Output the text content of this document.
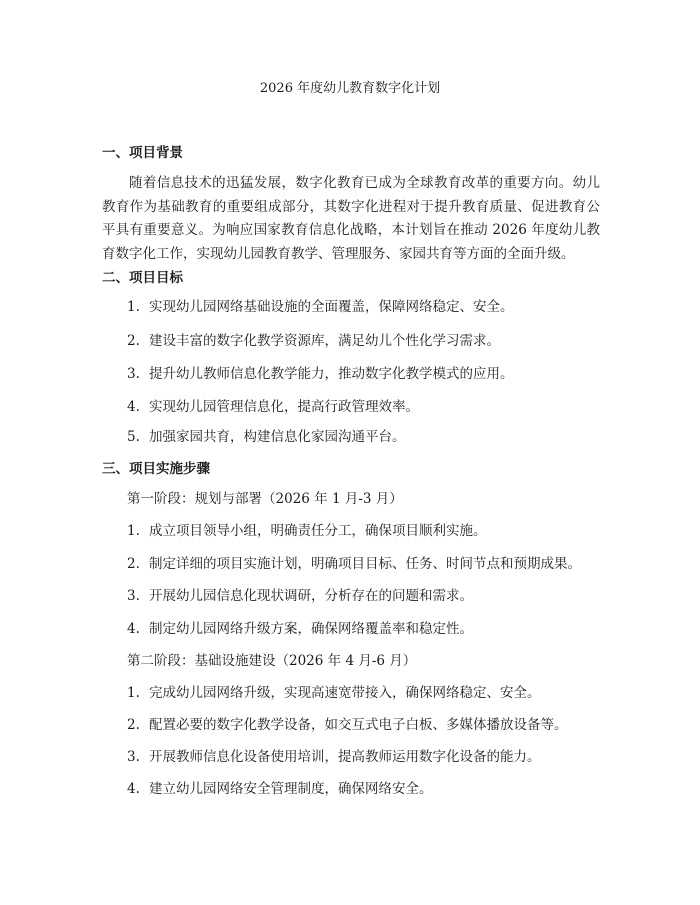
2026 年度幼儿教育数字化计划
一、项目背景
随着信息技术的迅猛发展，数字化教育已成为全球教育改革的重要方向。幼儿教育作为基础教育的重要组成部分，其数字化进程对于提升教育质量、促进教育公平具有重要意义。为响应国家教育信息化战略，本计划旨在推动 2026 年度幼儿教育数字化工作，实现幼儿园教育教学、管理服务、家园共育等方面的全面升级。
二、项目目标
1. 实现幼儿园网络基础设施的全面覆盖，保障网络稳定、安全。
2. 建设丰富的数字化教学资源库，满足幼儿个性化学习需求。
3. 提升幼儿教师信息化教学能力，推动数字化教学模式的应用。
4. 实现幼儿园管理信息化，提高行政管理效率。
5. 加强家园共育，构建信息化家园沟通平台。
三、项目实施步骤
第一阶段：规划与部署（2026 年 1 月-3 月）
1. 成立项目领导小组，明确责任分工，确保项目顺利实施。
2. 制定详细的项目实施计划，明确项目目标、任务、时间节点和预期成果。
3. 开展幼儿园信息化现状调研，分析存在的问题和需求。
4. 制定幼儿园网络升级方案，确保网络覆盖率和稳定性。
第二阶段：基础设施建设（2026 年 4 月-6 月）
1. 完成幼儿园网络升级，实现高速宽带接入，确保网络稳定、安全。
2. 配置必要的数字化教学设备，如交互式电子白板、多媒体播放设备等。
3. 开展教师信息化设备使用培训，提高教师运用数字化设备的能力。
4. 建立幼儿园网络安全管理制度，确保网络安全。
